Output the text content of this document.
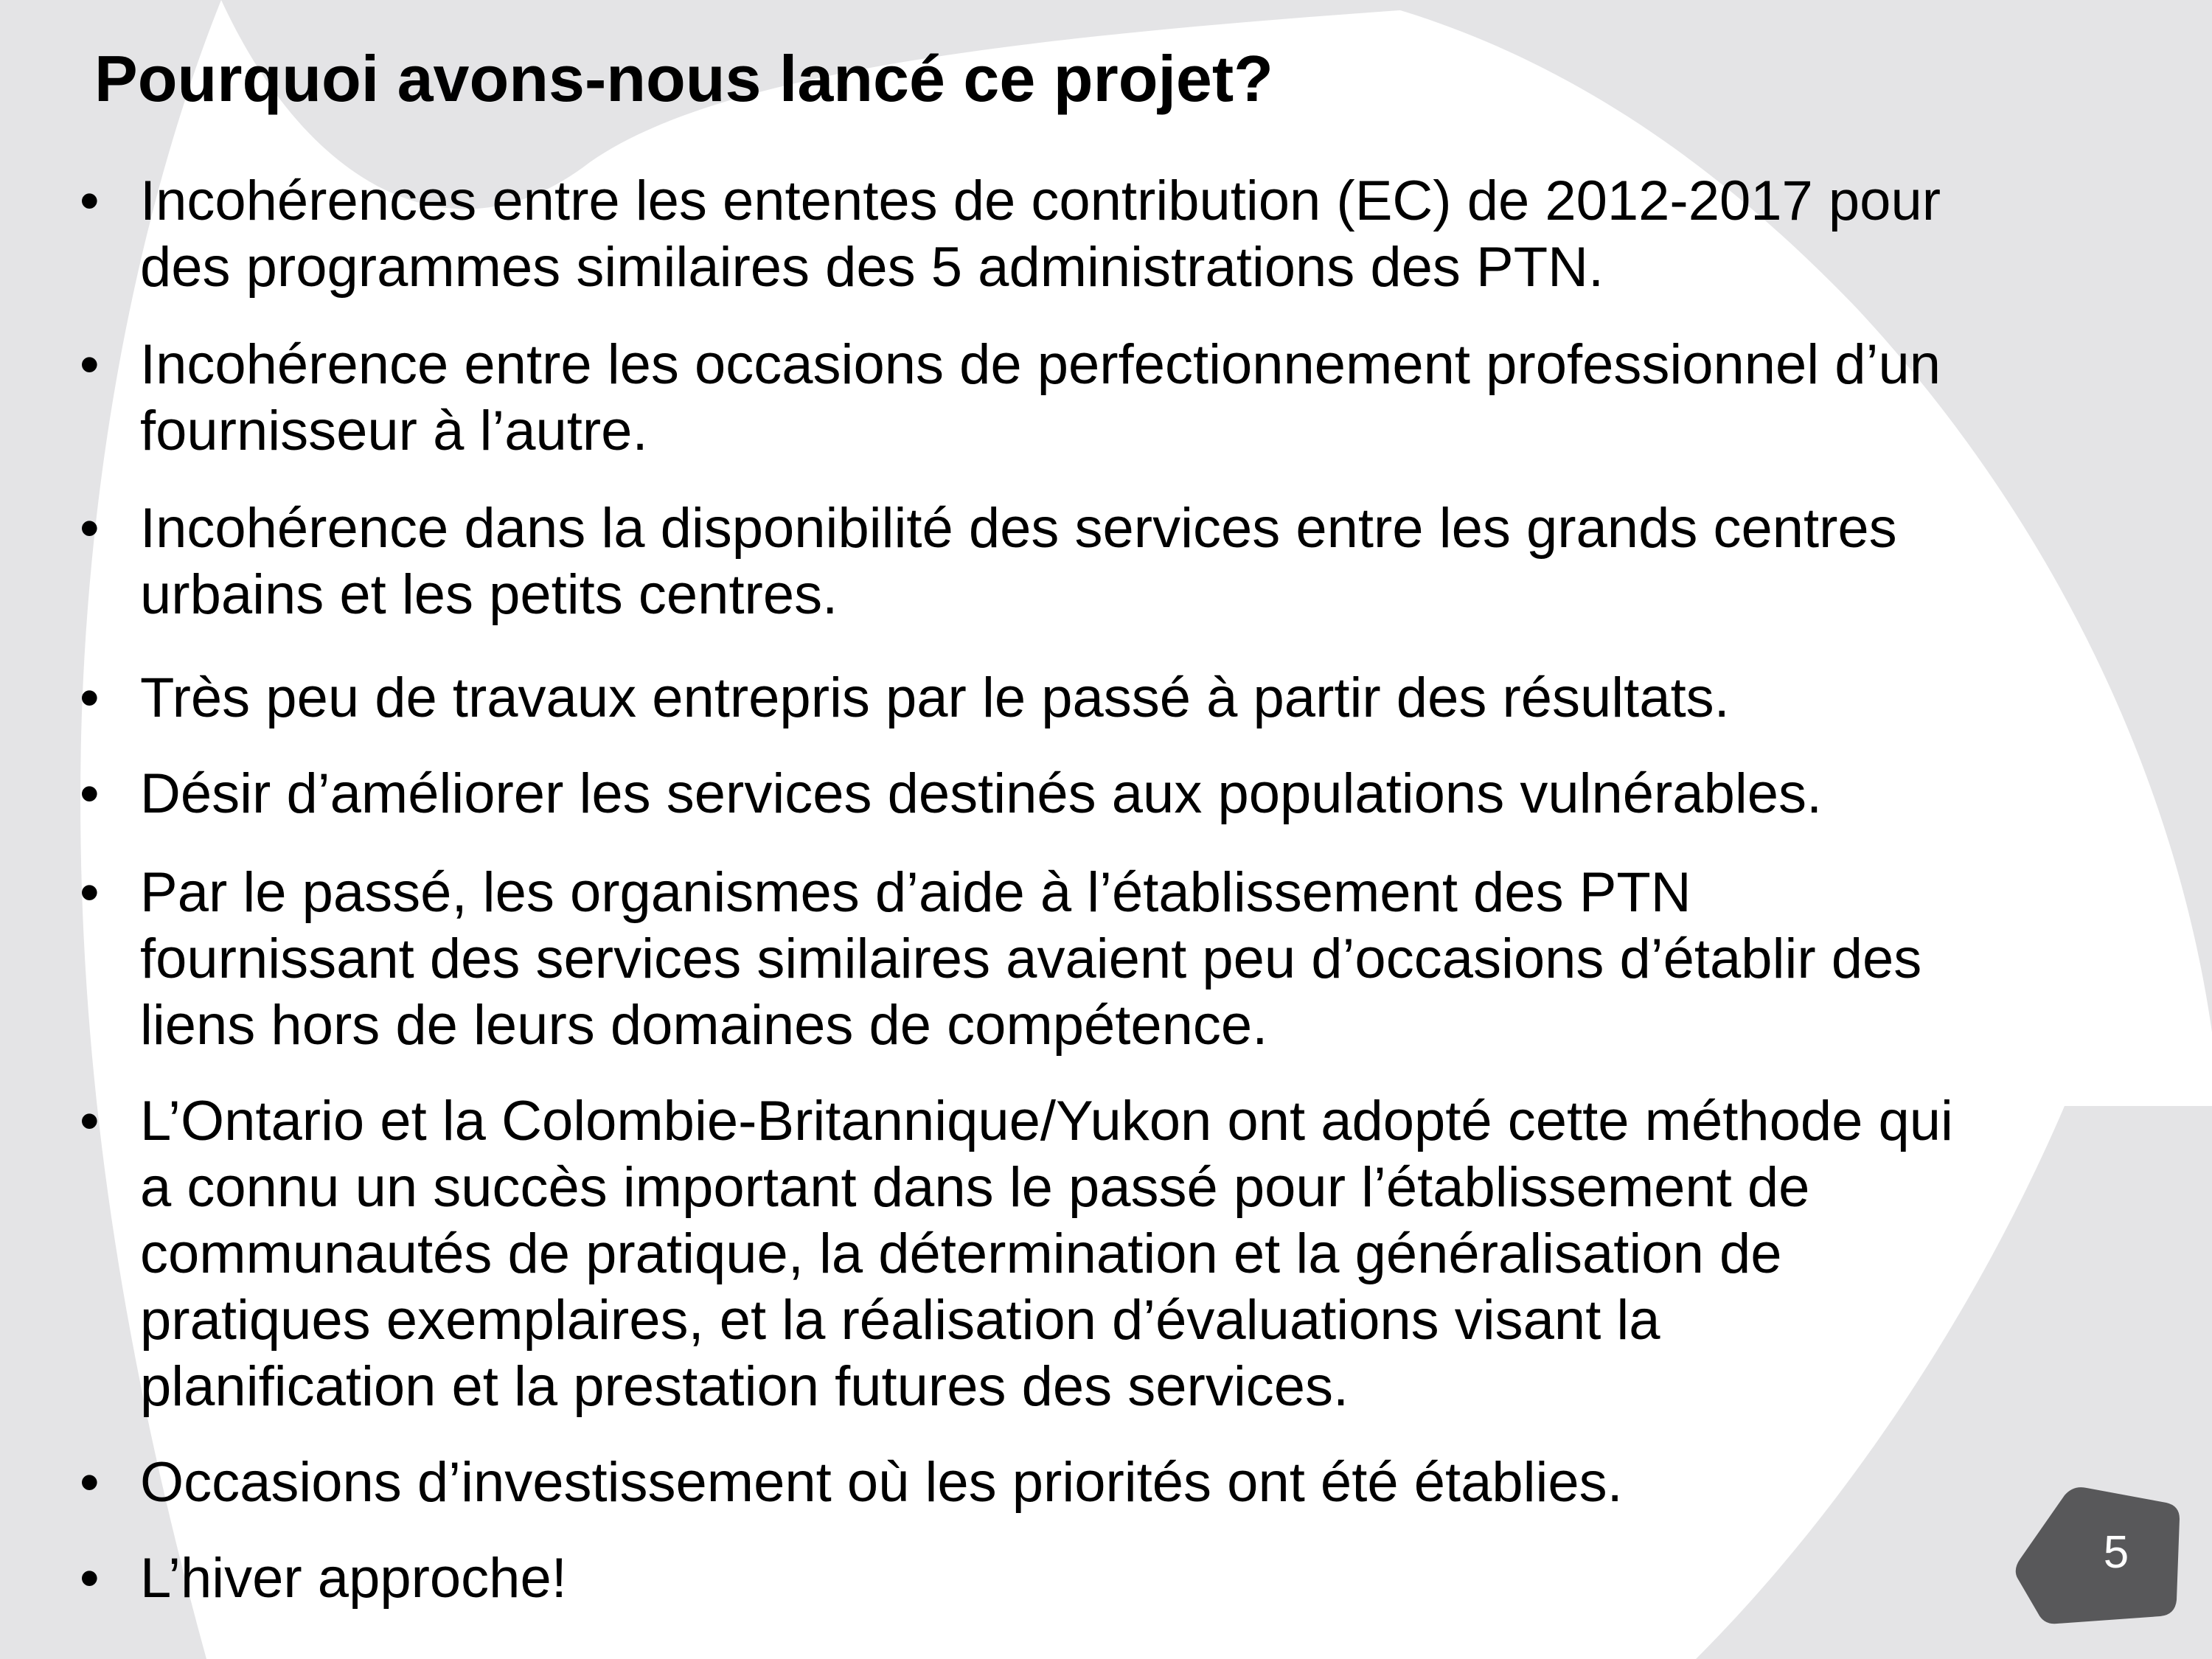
Pourquoi avons-nous lancé ce projet?
• Incohérences entre les ententes de contribution (EC) de 2012-2017 pour
des programmes similaires des 5 administrations des PTN.
• Incohérence entre les occasions de perfectionnement professionnel d’un
fournisseur à l’autre.
• Incohérence dans la disponibilité des services entre les grands centres
urbains et les petits centres.
• Très peu de travaux entrepris par le passé à partir des résultats.
• Désir d’améliorer les services destinés aux populations vulnérables.
• Par le passé, les organismes d’aide à l’établissement des PTN
fournissant des services similaires avaient peu d’occasions d’établir des
liens hors de leurs domaines de compétence.
• L’Ontario et la Colombie-Britannique/Yukon ont adopté cette méthode qui
a connu un succès important dans le passé pour l’établissement de
communautés de pratique, la détermination et la généralisation de
pratiques exemplaires, et la réalisation d’évaluations visant la
planification et la prestation futures des services.
• Occasions d’investissement où les priorités ont été établies.
• L’hiver approche!	5
